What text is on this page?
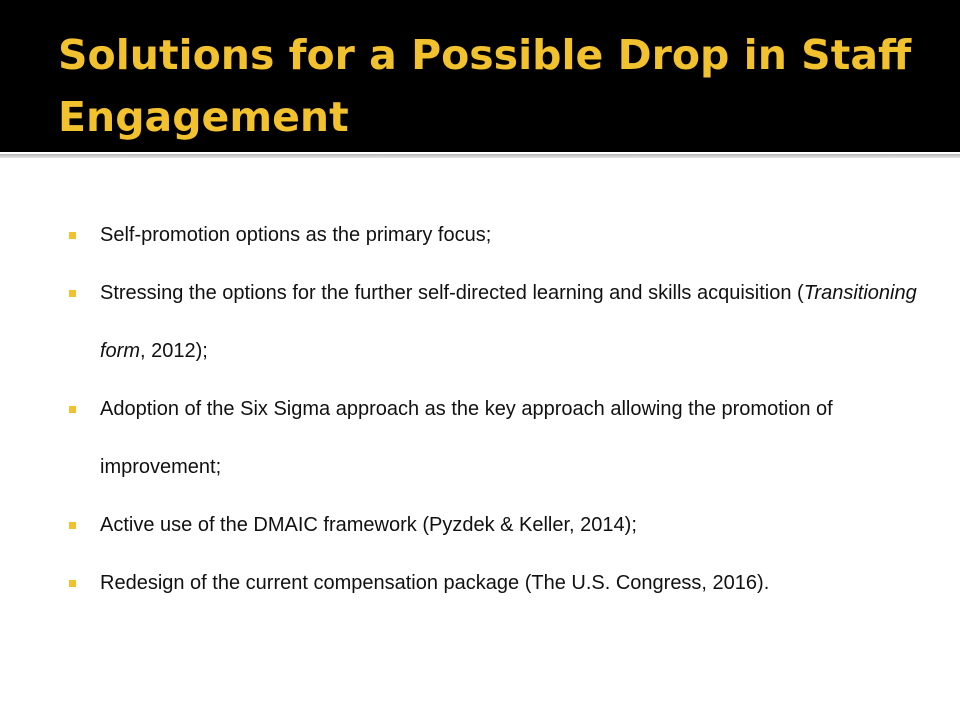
Solutions for a Possible Drop in Staff Engagement
Self-promotion options as the primary focus;
Stressing the options for the further self-directed learning and skills acquisition (Transitioning form, 2012);
Adoption of the Six Sigma approach as the key approach allowing the promotion of improvement;
Active use of the DMAIC framework (Pyzdek & Keller, 2014);
Redesign of the current compensation package (The U.S. Congress, 2016).
